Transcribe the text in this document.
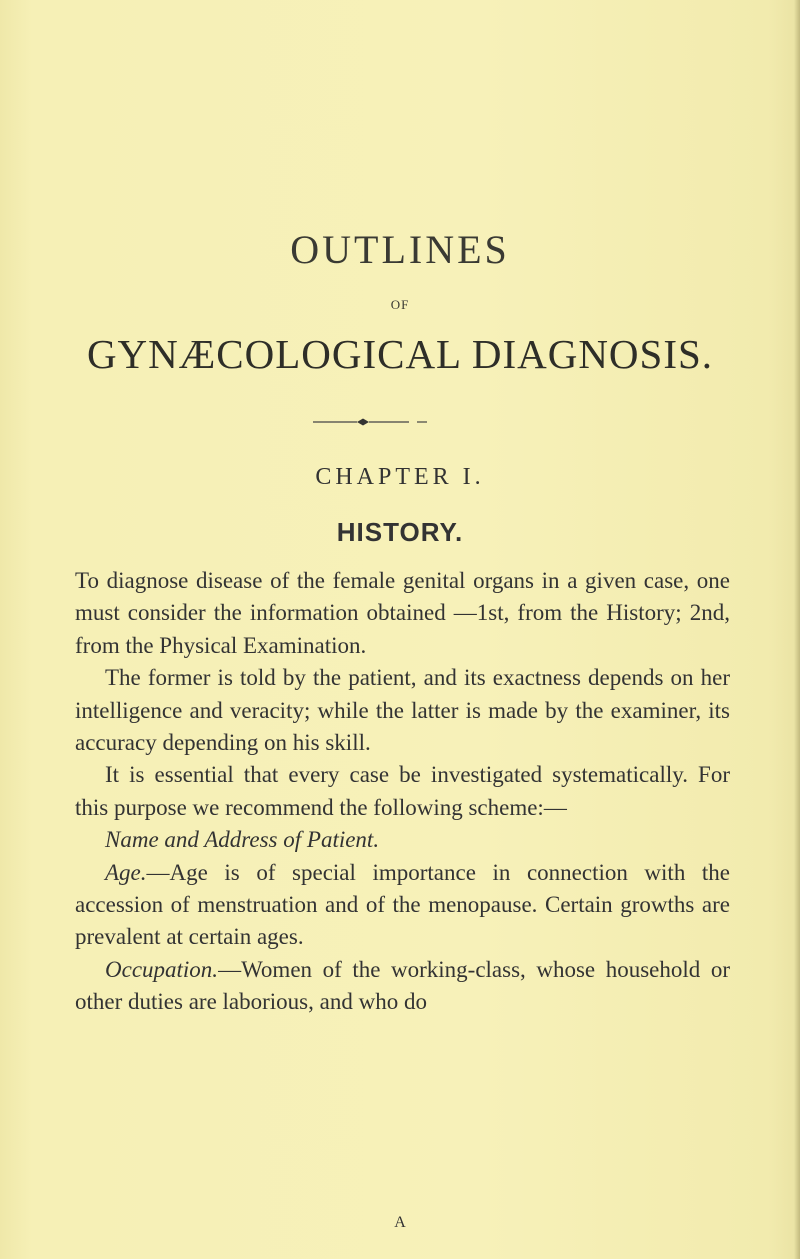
OUTLINES
OF
GYNÆCOLOGICAL DIAGNOSIS.
CHAPTER I.
HISTORY.

To diagnose disease of the female genital organs in a given case, one must consider the information obtained —1st, from the History; 2nd, from the Physical Examination.

The former is told by the patient, and its exactness depends on her intelligence and veracity; while the latter is made by the examiner, its accuracy depending on his skill.

It is essential that every case be investigated systematically. For this purpose we recommend the following scheme:—

Name and Address of Patient.

Age.—Age is of special importance in connection with the accession of menstruation and of the menopause. Certain growths are prevalent at certain ages.

Occupation.—Women of the working-class, whose household or other duties are laborious, and who do

A
